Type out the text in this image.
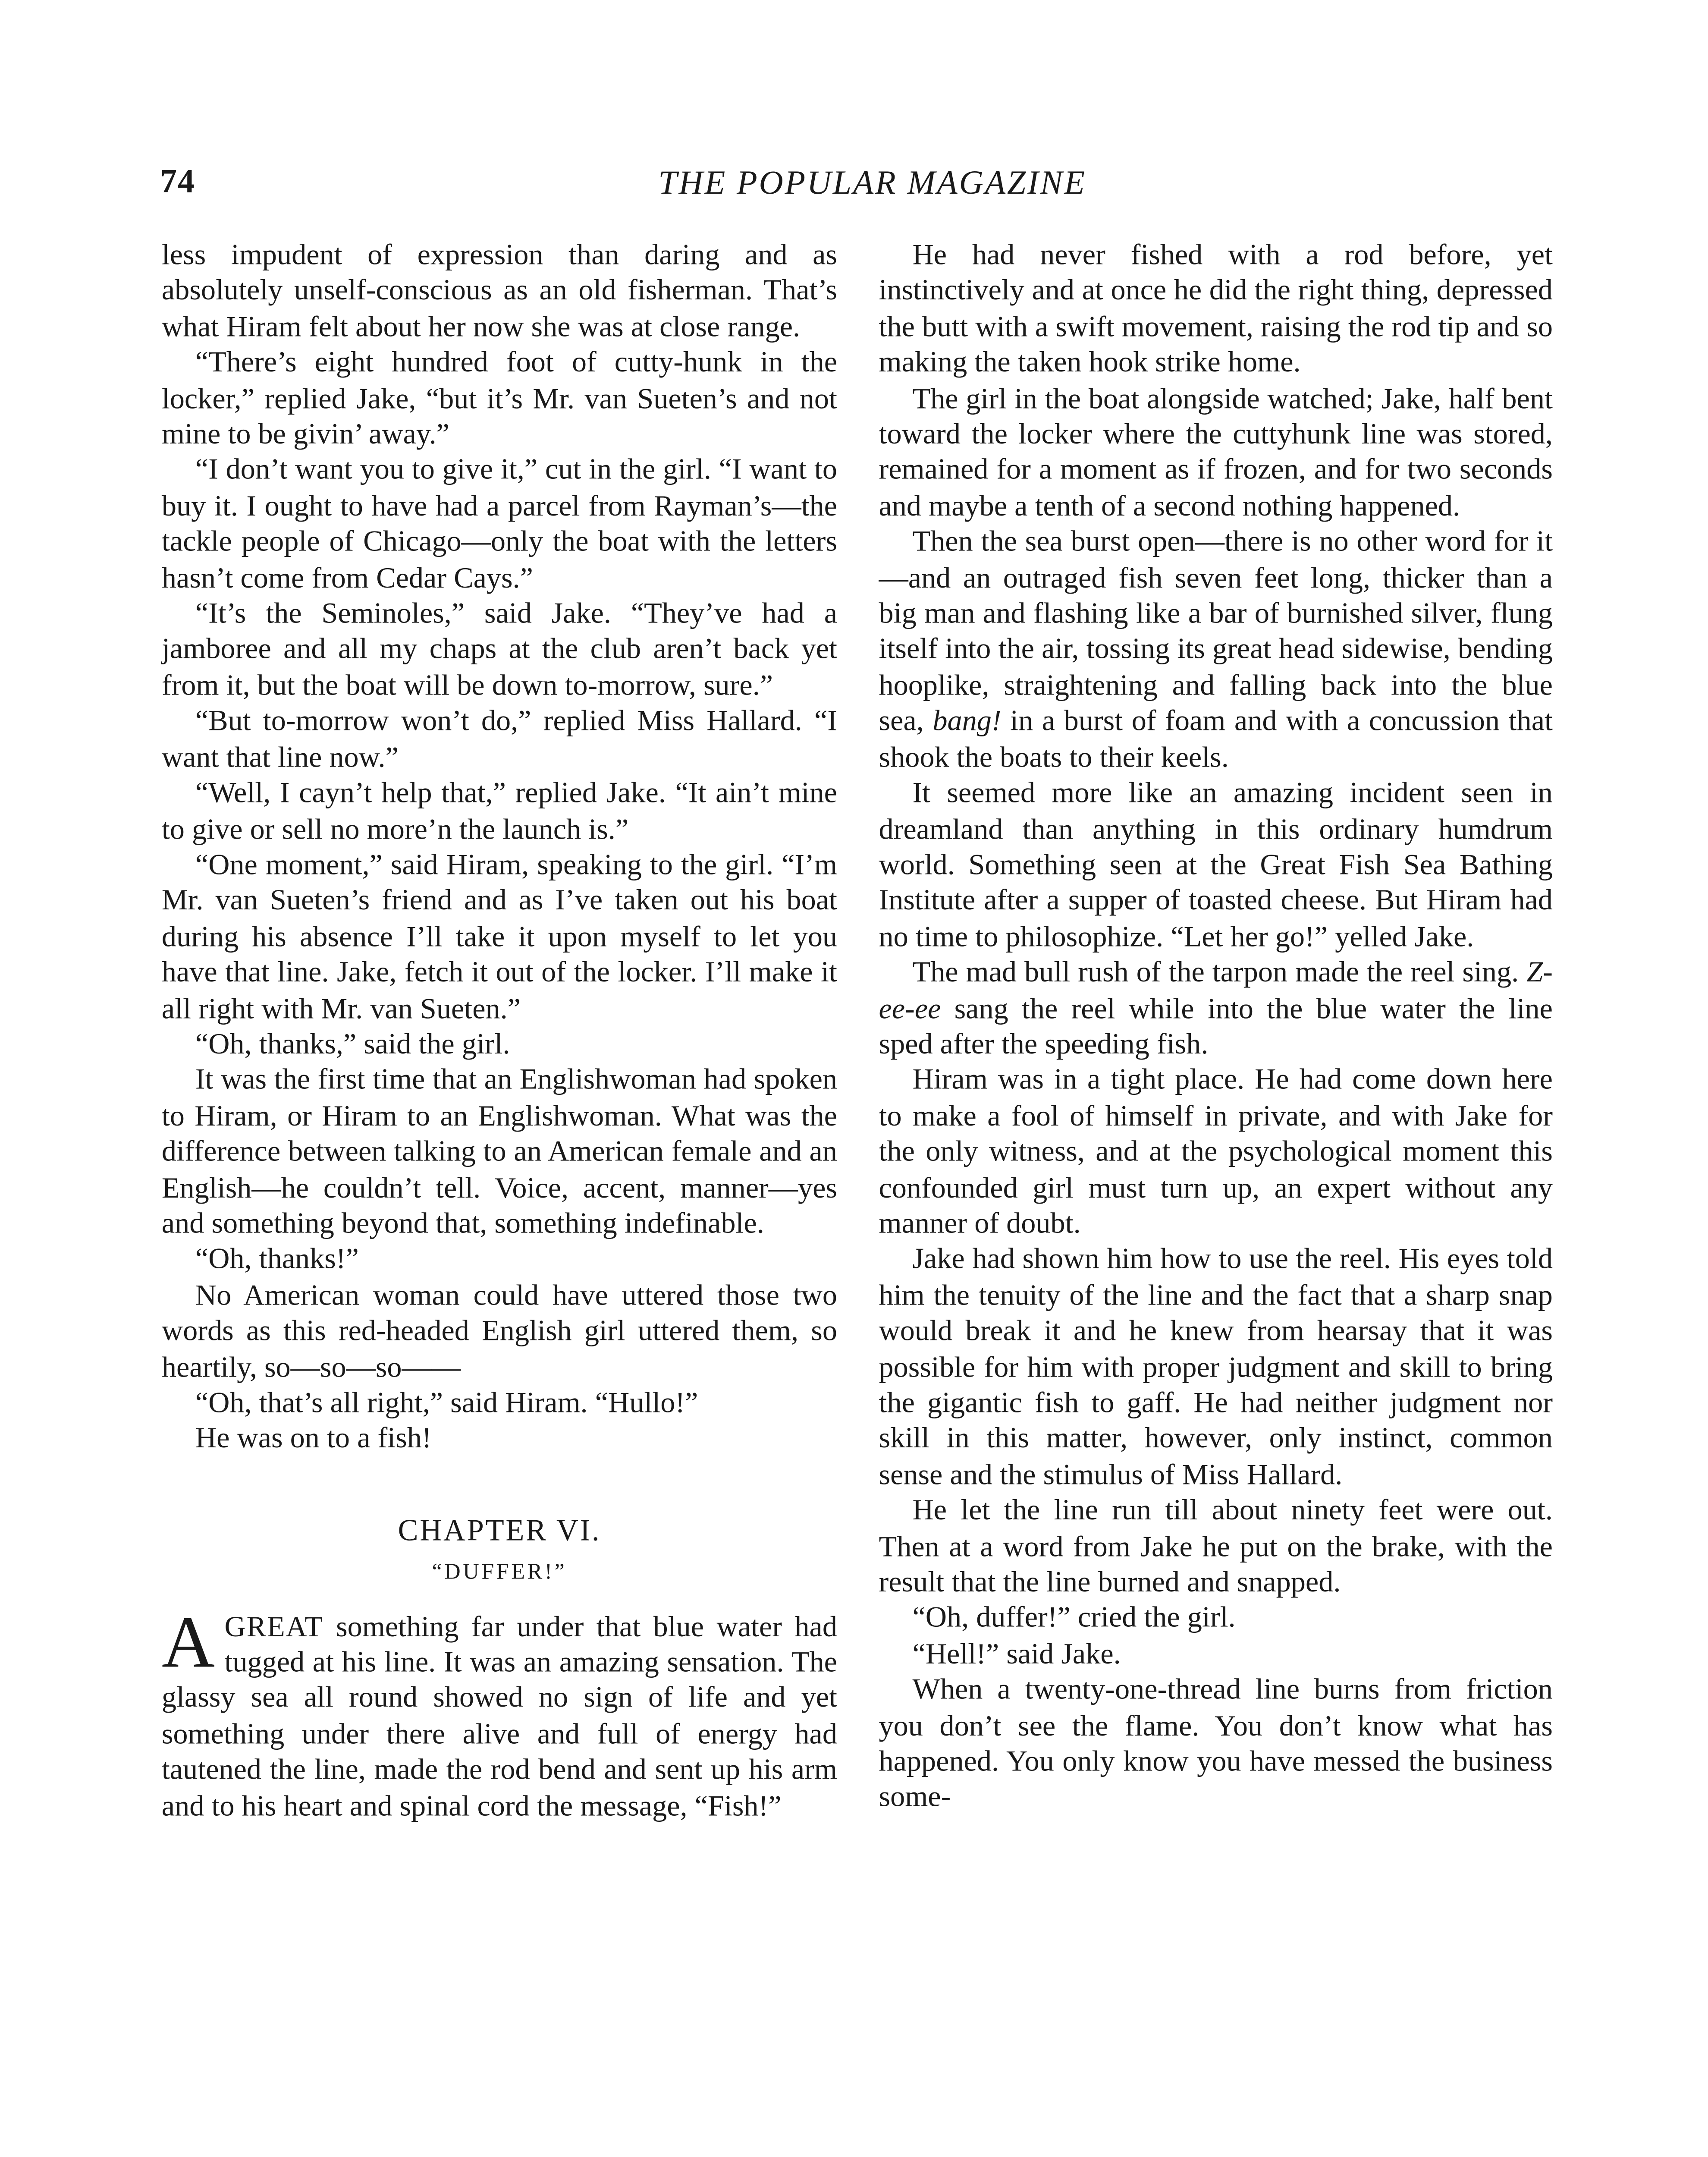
74	THE POPULAR MAGAZINE

less impudent of expression than daring and as absolutely unself-conscious as an old fisherman. That’s what Hiram felt about her now she was at close range.

“There’s eight hundred foot of cutty-hunk in the locker,” replied Jake, “but it’s Mr. van Sueten’s and not mine to be givin’ away.”

“I don’t want you to give it,” cut in the girl. “I want to buy it. I ought to have had a parcel from Rayman’s—the tackle people of Chicago—only the boat with the letters hasn’t come from Cedar Cays.”

“It’s the Seminoles,” said Jake. “They’ve had a jamboree and all my chaps at the club aren’t back yet from it, but the boat will be down to-morrow, sure.”

“But to-morrow won’t do,” replied Miss Hallard. “I want that line now.”

“Well, I cayn’t help that,” replied Jake. “It ain’t mine to give or sell no more’n the launch is.”

“One moment,” said Hiram, speaking to the girl. “I’m Mr. van Sueten’s friend and as I’ve taken out his boat during his absence I’ll take it upon myself to let you have that line. Jake, fetch it out of the locker. I’ll make it all right with Mr. van Sueten.”

“Oh, thanks,” said the girl.

It was the first time that an Englishwoman had spoken to Hiram, or Hiram to an Englishwoman. What was the difference between talking to an American female and an English—he couldn’t tell. Voice, accent, manner—yes and something beyond that, something indefinable.

“Oh, thanks!”

No American woman could have uttered those two words as this red-headed English girl uttered them, so heartily, so—so—so——

“Oh, that’s all right,” said Hiram. “Hullo!”

He was on to a fish!

CHAPTER VI.
“DUFFER!”

A GREAT something far under that blue water had tugged at his line. It was an amazing sensation. The glassy sea all round showed no sign of life and yet something under there alive and full of energy had tautened the line, made the rod bend and sent up his arm and to his heart and spinal cord the message, “Fish!”

He had never fished with a rod before, yet instinctively and at once he did the right thing, depressed the butt with a swift movement, raising the rod tip and so making the taken hook strike home.

The girl in the boat alongside watched; Jake, half bent toward the locker where the cuttyhunk line was stored, remained for a moment as if frozen, and for two seconds and maybe a tenth of a second nothing happened.

Then the sea burst open—there is no other word for it—and an outraged fish seven feet long, thicker than a big man and flashing like a bar of burnished silver, flung itself into the air, tossing its great head sidewise, bending hooplike, straightening and falling back into the blue sea, bang! in a burst of foam and with a concussion that shook the boats to their keels.

It seemed more like an amazing incident seen in dreamland than anything in this ordinary humdrum world. Something seen at the Great Fish Sea Bathing Institute after a supper of toasted cheese. But Hiram had no time to philosophize. “Let her go!” yelled Jake.

The mad bull rush of the tarpon made the reel sing. Z-ee-ee sang the reel while into the blue water the line sped after the speeding fish.

Hiram was in a tight place. He had come down here to make a fool of himself in private, and with Jake for the only witness, and at the psychological moment this confounded girl must turn up, an expert without any manner of doubt.

Jake had shown him how to use the reel. His eyes told him the tenuity of the line and the fact that a sharp snap would break it and he knew from hearsay that it was possible for him with proper judgment and skill to bring the gigantic fish to gaff. He had neither judgment nor skill in this matter, however, only instinct, common sense and the stimulus of Miss Hallard.

He let the line run till about ninety feet were out. Then at a word from Jake he put on the brake, with the result that the line burned and snapped.

“Oh, duffer!” cried the girl.

“Hell!” said Jake.

When a twenty-one-thread line burns from friction you don’t see the flame. You don’t know what has happened. You only know you have messed the business some-
